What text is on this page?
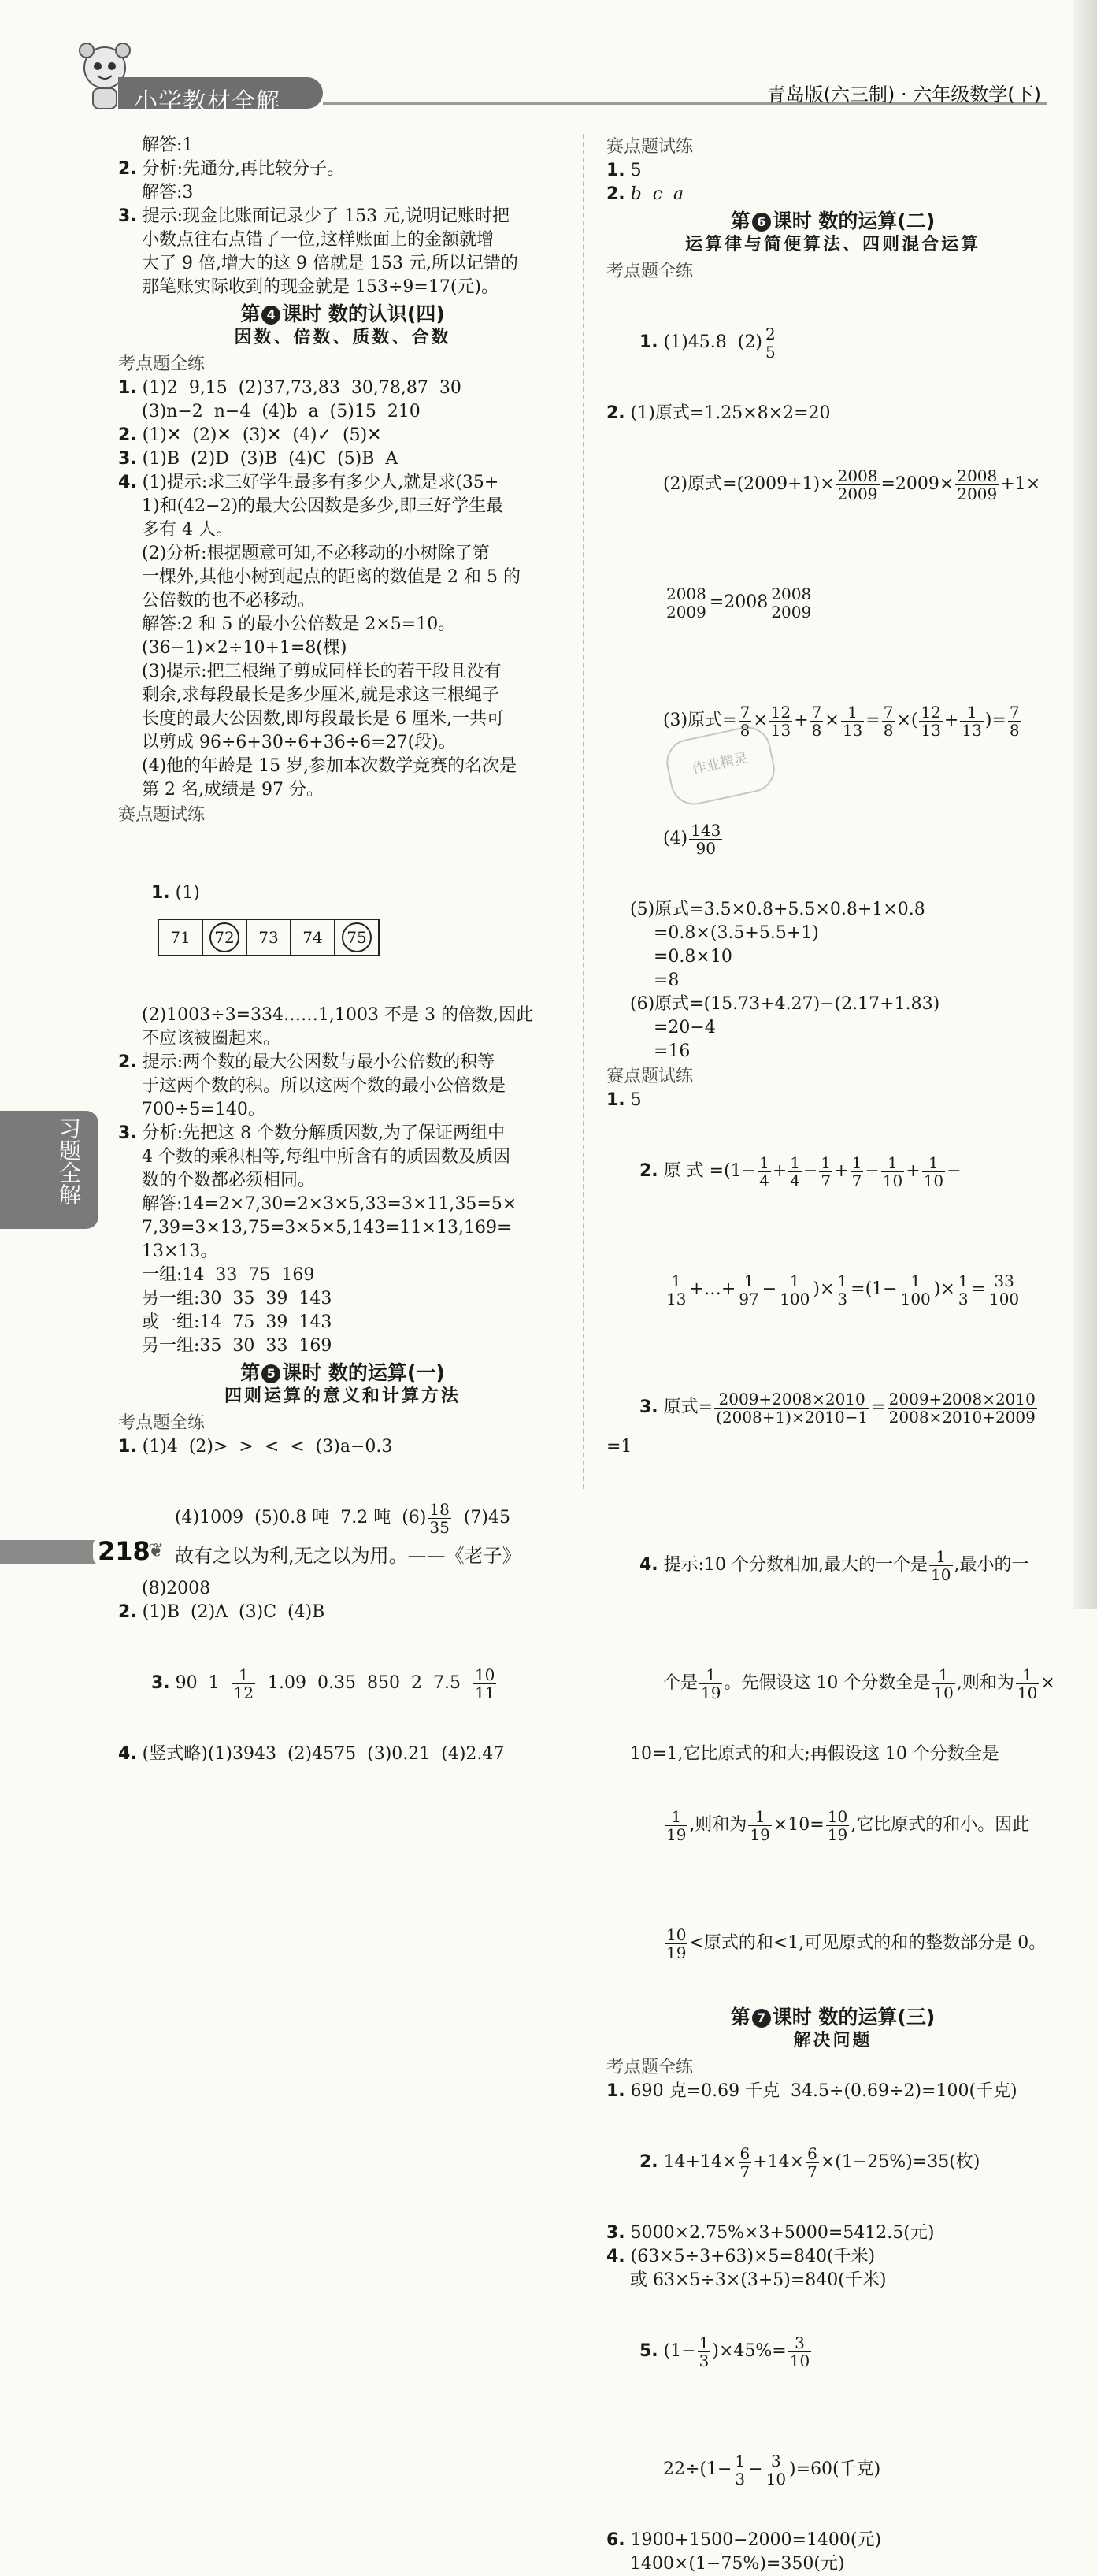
小学教材全解	青岛版(六三制) · 六年级数学(下)
解答:1
2. 分析:先通分,再比较分子。
解答:3
3. 提示:现金比账面记录少了 153 元,说明记账时把
小数点往右点错了一位,这样账面上的金额就增
大了 9 倍,增大的这 9 倍就是 153 元,所以记错的
那笔账实际收到的现金就是 153÷9=17(元)。
第 4 课时 数的认识(四)
因数、倍数、质数、合数
考点题全练
1. (1)2  9,15  (2)37,73,83  30,78,87  30
(3)n−2  n−4  (4)b  a  (5)15  210
2. (1)✕  (2)✕  (3)✕  (4)✓  (5)✕
3. (1)B  (2)D  (3)B  (4)C  (5)B  A
4. (1)提示:求三好学生最多有多少人,就是求(35+
1)和(42−2)的最大公因数是多少,即三好学生最
多有 4 人。
(2)分析:根据题意可知,不必移动的小树除了第
一棵外,其他小树到起点的距离的数值是 2 和 5 的
公倍数的也不必移动。
解答:2 和 5 的最小公倍数是 2×5=10。
(36−1)×2÷10+1=8(棵)
(3)提示:把三根绳子剪成同样长的若干段且没有
剩余,求每段最长是多少厘米,就是求这三根绳子
长度的最大公因数,即每段最长是 6 厘米,一共可
以剪成 96÷6+30÷6+36÷6=27(段)。
(4)他的年龄是 15 岁,参加本次数学竞赛的名次是
第 2 名,成绩是 97 分。
赛点题试练

1. (1)

71	72	73	74	75

(2)1003÷3=334……1,1003 不是 3 的倍数,因此
不应该被圈起来。
2. 提示:两个数的最大公因数与最小公倍数的积等
于这两个数的积。所以这两个数的最小公倍数是
700÷5=140。
3. 分析:先把这 8 个数分解质因数,为了保证两组中
4 个数的乘积相等,每组中所含有的质因数及质因
数的个数都必须相同。
解答:14=2×7,30=2×3×5,33=3×11,35=5×
7,39=3×13,75=3×5×5,143=11×13,169=
13×13。
一组:14  33  75  169
另一组:30  35  39  143
或一组:14  75  39  143
另一组:35  30  33  169
第 5 课时 数的运算(一)
四则运算的意义和计算方法
考点题全练
1. (1)4  (2)>  >  <  <  (3)a−0.3

(4)1009  (5)0.8 吨  7.2 吨  $(6) \frac{18}{35} (7)45$

(8)2008
2. (1)B  (2)A  (3)C  (4)B

3. 90  $1 \frac{1}{12} 1.09$  0.35  850  2  $7.5 \frac{10}{11}$

4. (竖式略)(1)3943  (2)4575  (3)0.21  (4)2.47
赛点题试练
1. 5
2. b  c  a
第 6 课时 数的运算(二)
运算律与简便算法、四则混合运算
考点题全练

1. (1)45.8  $(2) \frac{2}{5}$

2. (1)原式=1.25×8×2=20

(2)原式$=(2009+1)\times \frac{2008}{2009} =2009\times \frac{2008}{2009} +1\times$

$\frac{2008}{2009} =2008 \frac{2008}{2009}$

(3)原式= $\frac{7}{8} \times \frac{12}{13} + \frac{7}{8} \times \frac{1}{13} = \frac{7}{8}$ ×( $\frac{12}{13} + \frac{1}{13}$ )= $\frac{7}{8}$

$(4) \frac{143}{90}$

(5)原式=3.5×0.8+5.5×0.8+1×0.8
=0.8×(3.5+5.5+1)
=0.8×10
=8
(6)原式=(15.73+4.27)−(2.17+1.83)
=20−4
=16
赛点题试练
1. 5

2. 原 式 $=(1- \frac{1}{4} + \frac{1}{4} - \frac{1}{7} + \frac{1}{7} - \frac{1}{10} + \frac{1}{10}$ −

$\frac{1}{13}$ +…+ $\frac{1}{97} - \frac{1}{100}$ )× $\frac{1}{3} =(1- \frac{1}{100}$ )× $\frac{1}{3} = \frac{33}{100}$

3. 原式= $\frac{2009+2008\times 2010}{(2008+1)\times 2010-1} = \frac{2009+2008\times 2010}{2008\times 2010+2009}$
=1

4. 提示:10 个分数相加,最大的一个是 $\frac{1}{10}$ ,最小的一

个是 $\frac{1}{19}$ 。先假设这 10 个分数全是 $\frac{1}{10}$ ,则和为 $\frac{1}{10}$ ×

10=1,它比原式的和大;再假设这 10 个分数全是

$\frac{1}{19}$ ,则和为 $\frac{1}{19} \times 10= \frac{10}{19}$ ,它比原式的和小。因此

$\frac{10}{19}$ <原式的和<1,可见原式的和的整数部分是 0。

第 7 课时 数的运算(三)
解决问题
考点题全练
1. 690 克=0.69 千克  34.5÷(0.69÷2)=100(千克)

2. $14+14\times \frac{6}{7} +14\times \frac{6}{7} \times(1-25\%)=35$(枚)

3. 5000×2.75%×3+5000=5412.5(元)
4. (63×5÷3+63)×5=840(千米)
或 63×5÷3×(3+5)=840(千米)

5. $(1- \frac{1}{3} )\times 45\%= \frac{3}{10}$

$22\div(1- \frac{1}{3} - \frac{3}{10} )=60$(千克)

6. 1900+1500−2000=1400(元)
1400×(1−75%)=350(元)
作业精灵
习题全解
218
❦ 故有之以为利,无之以为用。——《老子》
